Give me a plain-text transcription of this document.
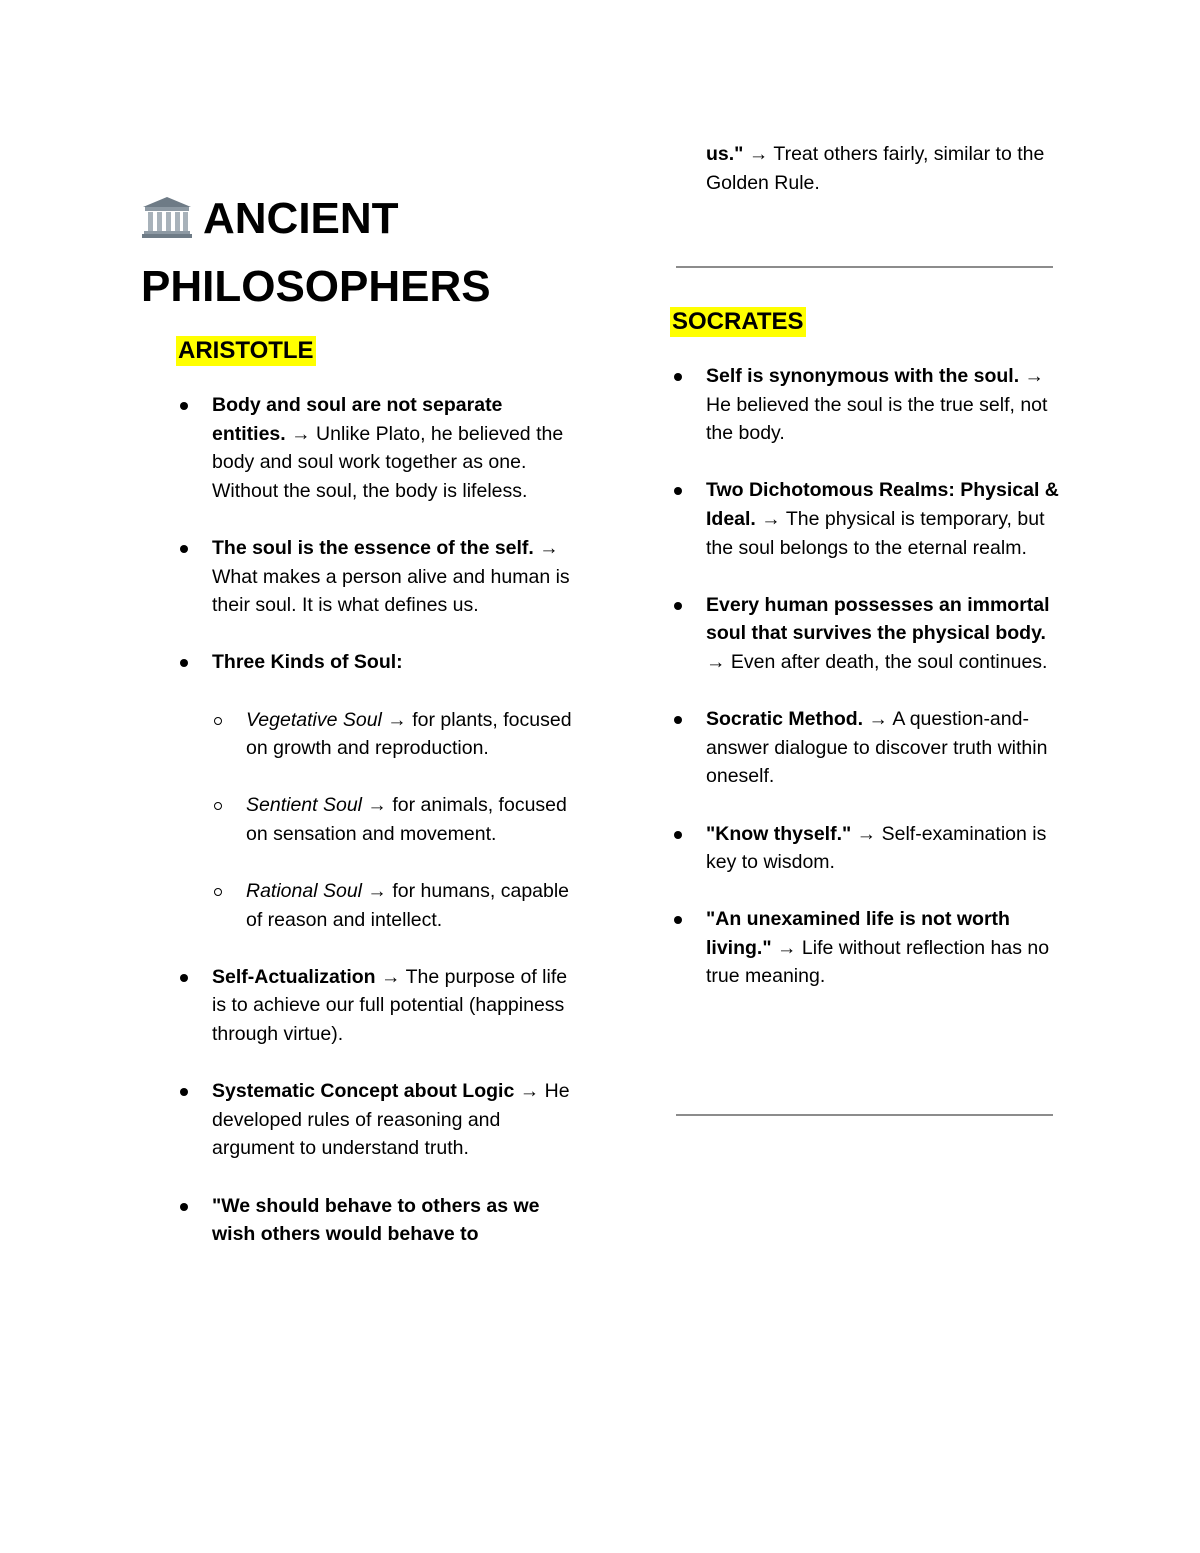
us." → Treat others fairly, similar to the Golden Rule.

ANCIENT PHILOSOPHERS
ARISTOTLE
Body and soul are not separate entities. → Unlike Plato, he believed the body and soul work together as one. Without the soul, the body is lifeless.
The soul is the essence of the self. → What makes a person alive and human is their soul. It is what defines us.
Three Kinds of Soul:
Vegetative Soul → for plants, focused on growth and reproduction.
Sentient Soul → for animals, focused on sensation and movement.
Rational Soul → for humans, capable of reason and intellect.
Self-Actualization → The purpose of life is to achieve our full potential (happiness through virtue).
Systematic Concept about Logic → He developed rules of reasoning and argument to understand truth.
"We should behave to others as we wish others would behave to
SOCRATES
Self is synonymous with the soul. → He believed the soul is the true self, not the body.
Two Dichotomous Realms: Physical & Ideal. → The physical is temporary, but the soul belongs to the eternal realm.
Every human possesses an immortal soul that survives the physical body. → Even after death, the soul continues.
Socratic Method. → A question-and-answer dialogue to discover truth within oneself.
"Know thyself." → Self-examination is key to wisdom.
"An unexamined life is not worth living." → Life without reflection has no true meaning.
